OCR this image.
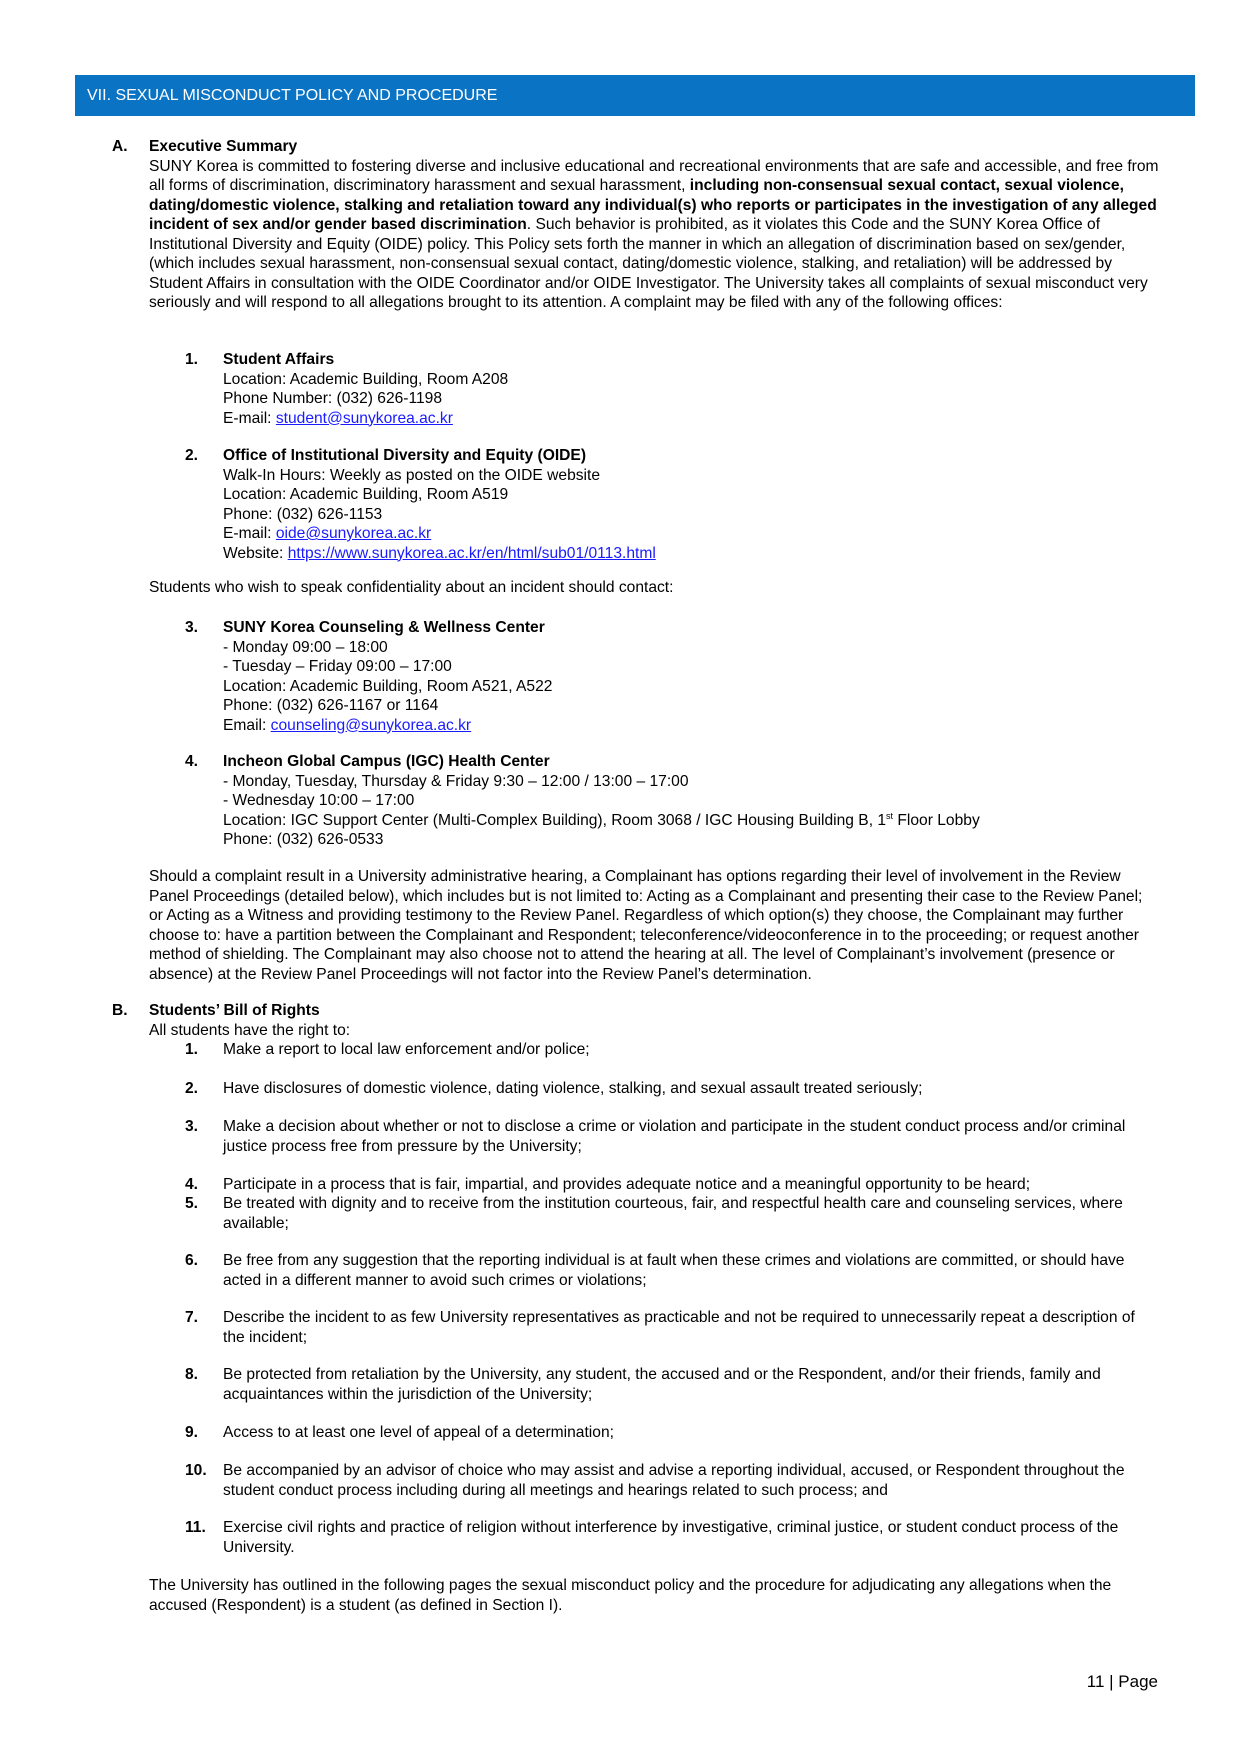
VII. SEXUAL MISCONDUCT POLICY AND PROCEDURE
A. Executive Summary
SUNY Korea is committed to fostering diverse and inclusive educational and recreational environments that are safe and accessible, and free from all forms of discrimination, discriminatory harassment and sexual harassment, including non-consensual sexual contact, sexual violence, dating/domestic violence, stalking and retaliation toward any individual(s) who reports or participates in the investigation of any alleged incident of sex and/or gender based discrimination. Such behavior is prohibited, as it violates this Code and the SUNY Korea Office of Institutional Diversity and Equity (OIDE) policy. This Policy sets forth the manner in which an allegation of discrimination based on sex/gender, (which includes sexual harassment, non-consensual sexual contact, dating/domestic violence, stalking, and retaliation) will be addressed by Student Affairs in consultation with the OIDE Coordinator and/or OIDE Investigator. The University takes all complaints of sexual misconduct very seriously and will respond to all allegations brought to its attention. A complaint may be filed with any of the following offices:
1. Student Affairs
Location: Academic Building, Room A208
Phone Number: (032) 626-1198
E-mail: student@sunykorea.ac.kr
2. Office of Institutional Diversity and Equity (OIDE)
Walk-In Hours: Weekly as posted on the OIDE website
Location: Academic Building, Room A519
Phone: (032) 626-1153
E-mail: oide@sunykorea.ac.kr
Website: https://www.sunykorea.ac.kr/en/html/sub01/0113.html
Students who wish to speak confidentiality about an incident should contact:
3. SUNY Korea Counseling & Wellness Center
- Monday 09:00 – 18:00
- Tuesday – Friday 09:00 – 17:00
Location: Academic Building, Room A521, A522
Phone: (032) 626-1167 or 1164
Email: counseling@sunykorea.ac.kr
4. Incheon Global Campus (IGC) Health Center
- Monday, Tuesday, Thursday & Friday 9:30 – 12:00 / 13:00 – 17:00
- Wednesday 10:00 – 17:00
Location: IGC Support Center (Multi-Complex Building), Room 3068 / IGC Housing Building B, 1st Floor Lobby
Phone: (032) 626-0533
Should a complaint result in a University administrative hearing, a Complainant has options regarding their level of involvement in the Review Panel Proceedings (detailed below), which includes but is not limited to: Acting as a Complainant and presenting their case to the Review Panel; or Acting as a Witness and providing testimony to the Review Panel. Regardless of which option(s) they choose, the Complainant may further choose to: have a partition between the Complainant and Respondent; teleconference/videoconference in to the proceeding; or request another method of shielding. The Complainant may also choose not to attend the hearing at all. The level of Complainant’s involvement (presence or absence) at the Review Panel Proceedings will not factor into the Review Panel’s determination.
B. Students’ Bill of Rights
All students have the right to:
1. Make a report to local law enforcement and/or police;
2. Have disclosures of domestic violence, dating violence, stalking, and sexual assault treated seriously;
3. Make a decision about whether or not to disclose a crime or violation and participate in the student conduct process and/or criminal justice process free from pressure by the University;
4. Participate in a process that is fair, impartial, and provides adequate notice and a meaningful opportunity to be heard;
5. Be treated with dignity and to receive from the institution courteous, fair, and respectful health care and counseling services, where available;
6. Be free from any suggestion that the reporting individual is at fault when these crimes and violations are committed, or should have acted in a different manner to avoid such crimes or violations;
7. Describe the incident to as few University representatives as practicable and not be required to unnecessarily repeat a description of the incident;
8. Be protected from retaliation by the University, any student, the accused and or the Respondent, and/or their friends, family and acquaintances within the jurisdiction of the University;
9. Access to at least one level of appeal of a determination;
10. Be accompanied by an advisor of choice who may assist and advise a reporting individual, accused, or Respondent throughout the student conduct process including during all meetings and hearings related to such process; and
11. Exercise civil rights and practice of religion without interference by investigative, criminal justice, or student conduct process of the University.
The University has outlined in the following pages the sexual misconduct policy and the procedure for adjudicating any allegations when the accused (Respondent) is a student (as defined in Section I).
11 | Page
